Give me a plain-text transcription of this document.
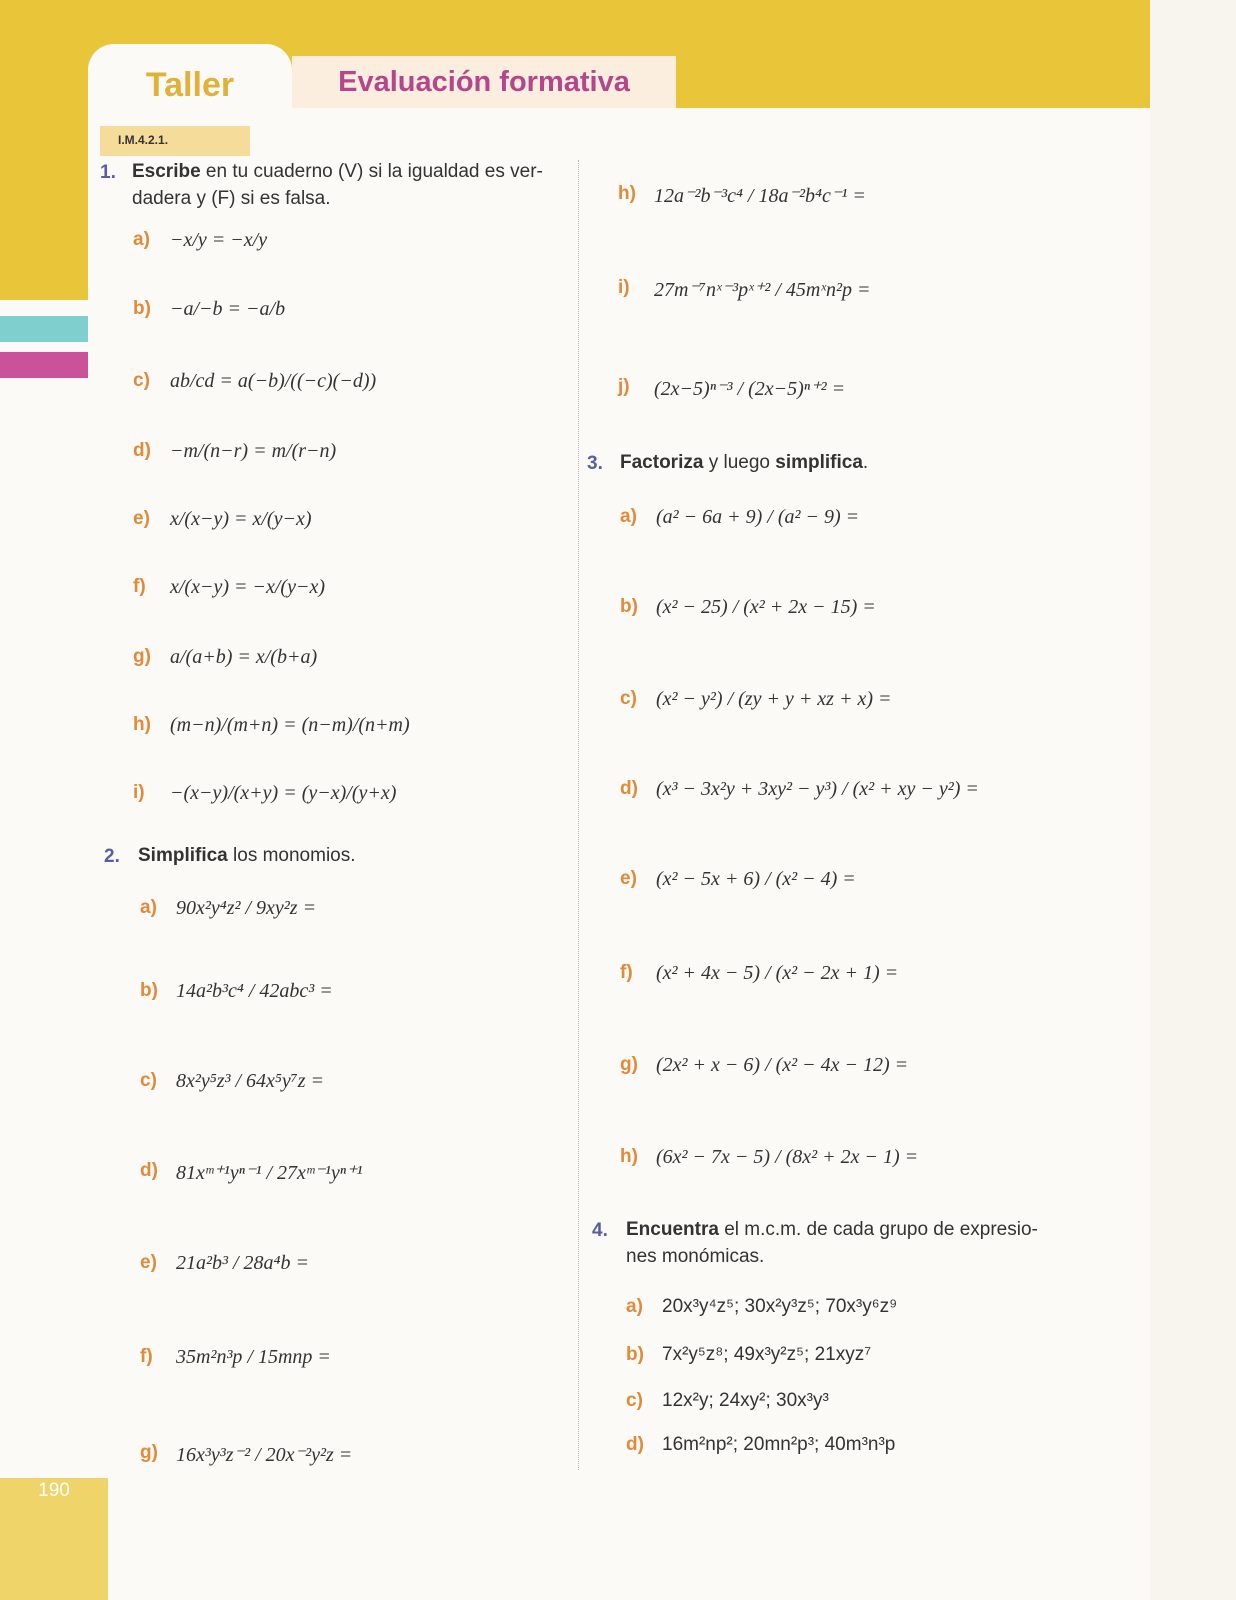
190
Taller	Evaluación formativa
I.M.4.2.1.
1. Escribe en tu cuaderno (V) si la igualdad es ver-
dadera y (F) si es falsa.
a) −x/y = −x/y
b) −a/−b = −a/b
c) ab/cd = a(−b)/((−c)(−d))
d) −m/(n−r) = m/(r−n)
e) x/(x−y) = x/(y−x)
f) x/(x−y) = −x/(y−x)
g) a/(a+b) = x/(b+a)
h) (m−n)/(m+n) = (n−m)/(n+m)
i) −(x−y)/(x+y) = (y−x)/(y+x)
2. Simplifica los monomios.
a) 90x²y⁴z² / 9xy²z =
b) 14a²b³c⁴ / 42abc³ =
c) 8x²y⁵z³ / 64x⁵y⁷z =
d) 81xᵐ⁺¹yⁿ⁻¹ / 27xᵐ⁻¹yⁿ⁺¹
e) 21a²b³ / 28a⁴b =
f) 35m²n³p / 15mnp =
g) 16x³y³z⁻² / 20x⁻²y²z =
h) 12a⁻²b⁻³c⁴ / 18a⁻²b⁴c⁻¹ =
i) 27m⁻⁷nˣ⁻³pˣ⁺² / 45mˣn²p =
j) (2x−5)ⁿ⁻³ / (2x−5)ⁿ⁺² =
3. Factoriza y luego simplifica.
a) (a² − 6a + 9) / (a² − 9) =
b) (x² − 25) / (x² + 2x − 15) =
c) (x² − y²) / (zy + y + xz + x) =
d) (x³ − 3x²y + 3xy² − y³) / (x² + xy − y²) =
e) (x² − 5x + 6) / (x² − 4) =
f) (x² + 4x − 5) / (x² − 2x + 1) =
g) (2x² + x − 6) / (x² − 4x − 12) =
h) (6x² − 7x − 5) / (8x² + 2x − 1) =
4. Encuentra el m.c.m. de cada grupo de expresio-
nes monómicas.
a) 20x³y⁴z⁵; 30x²y³z⁵; 70x³y⁶z⁹
b) 7x²y⁵z⁸; 49x³y²z⁵; 21xyz⁷
c) 12x²y; 24xy²; 30x³y³
d) 16m²np²; 20mn²p³; 40m³n³p
